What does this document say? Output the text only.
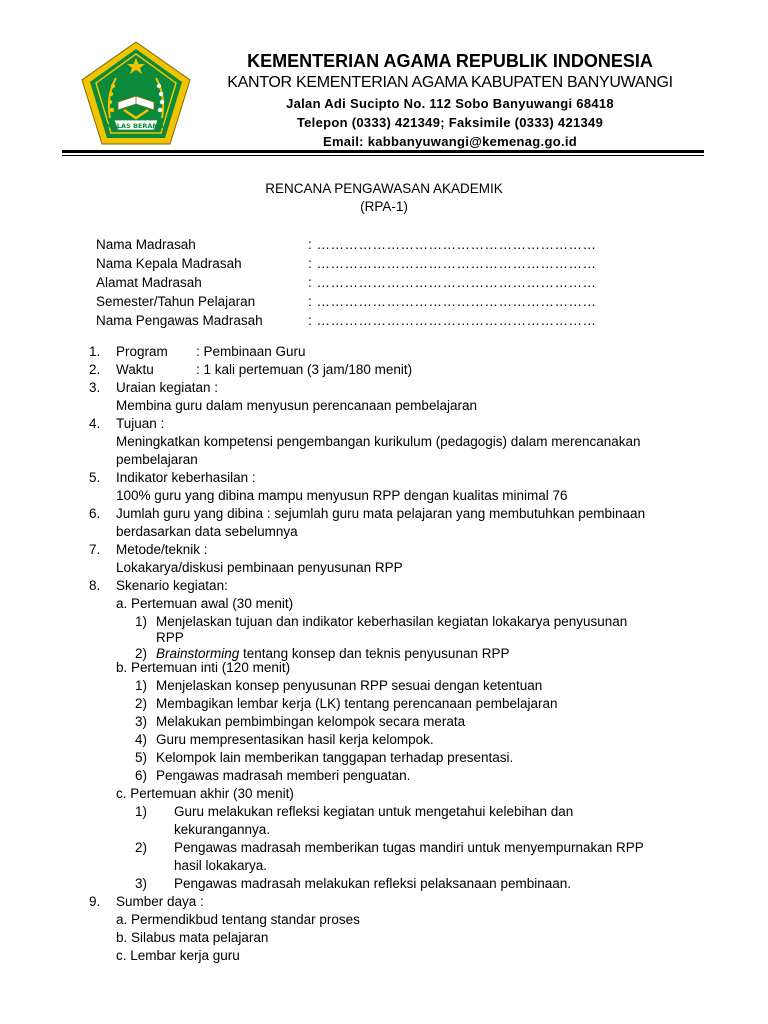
IKHLAS BERAMAL
KEMENTERIAN AGAMA REPUBLIK INDONESIA
KANTOR KEMENTERIAN AGAMA KABUPATEN BANYUWANGI
Jalan Adi Sucipto No. 112 Sobo Banyuwangi 68418
Telepon (0333) 421349; Faksimile (0333) 421349
Email: kabbanyuwangi@kemenag.go.id
RENCANA PENGAWASAN AKADEMIK
(RPA-1)
Nama Madrasah	: ……………………………………………………
Nama Kepala Madrasah	: ……………………………………………………
Alamat Madrasah	: ……………………………………………………
Semester/Tahun Pelajaran	: ……………………………………………………
Nama Pengawas Madrasah	: ……………………………………………………
1. Program : Pembinaan Guru
2. Waktu	: 1 kali pertemuan (3 jam/180 menit)
3. Uraian kegiatan :
Membina guru dalam menyusun perencanaan pembelajaran
4. Tujuan :
Meningkatkan kompetensi pengembangan kurikulum (pedagogis) dalam merencanakan
pembelajaran
5. Indikator keberhasilan :
100% guru yang dibina mampu menyusun RPP dengan kualitas minimal 76
6. Jumlah guru yang dibina : sejumlah guru mata pelajaran yang membutuhkan pembinaan
berdasarkan data sebelumnya
7. Metode/teknik :
Lokakarya/diskusi pembinaan penyusunan RPP
8. Skenario kegiatan:
a. Pertemuan awal (30 menit)
1) Menjelaskan tujuan dan indikator keberhasilan kegiatan lokakarya penyusunan
RPP
2) Brainstorming tentang konsep dan teknis penyusunan RPP
b. Pertemuan inti (120 menit)
1) Menjelaskan konsep penyusunan RPP sesuai dengan ketentuan
2) Membagikan lembar kerja (LK) tentang perencanaan pembelajaran
3) Melakukan pembimbingan kelompok secara merata
4) Guru mempresentasikan hasil kerja kelompok.
5) Kelompok lain memberikan tanggapan terhadap presentasi.
6) Pengawas madrasah memberi penguatan.
c. Pertemuan akhir (30 menit)
1) Guru melakukan refleksi kegiatan untuk mengetahui kelebihan dan
kekurangannya.
2) Pengawas madrasah memberikan tugas mandiri untuk menyempurnakan RPP
hasil lokakarya.
3) Pengawas madrasah melakukan refleksi pelaksanaan pembinaan.
9. Sumber daya :
a. Permendikbud tentang standar proses
b. Silabus mata pelajaran
c. Lembar kerja guru
